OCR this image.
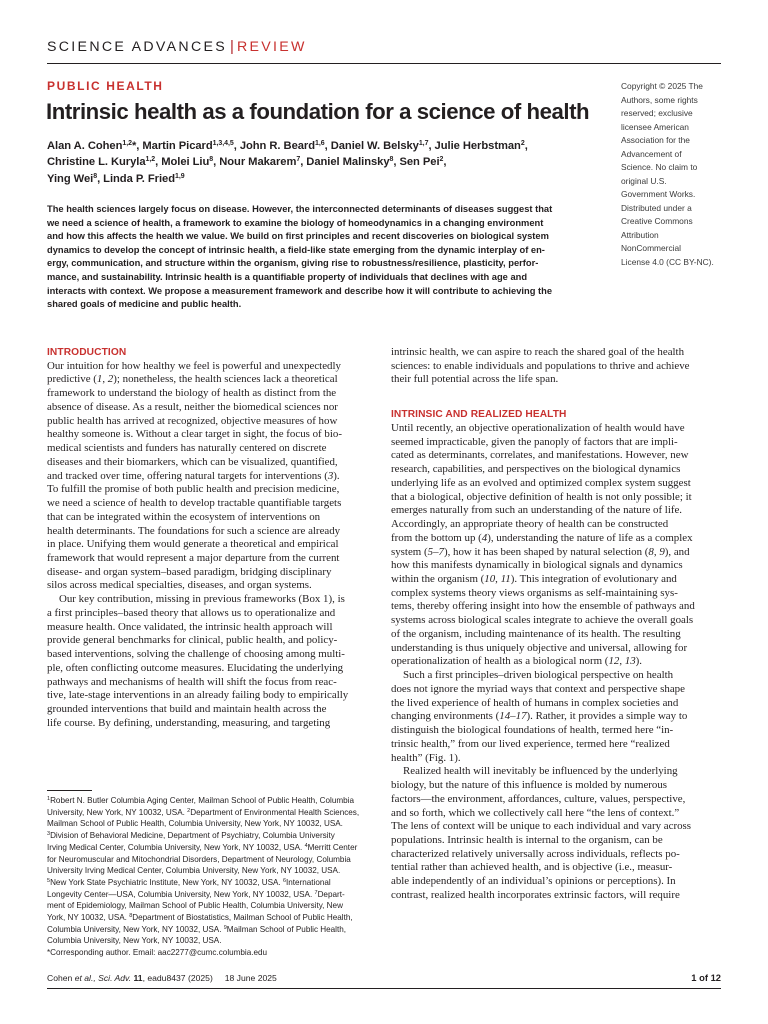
SCIENCE ADVANCES | REVIEW
PUBLIC HEALTH
Intrinsic health as a foundation for a science of health
Alan A. Cohen$^{1,2}$*, Martin Picard$^{1,3,4,5}$, John R. Beard$^{1,6}$, Daniel W. Belsky$^{1,7}$, Julie Herbstman$^2$,
Christine L. Kuryla$^{1,2}$, Molei Liu$^8$, Nour Makarem$^7$, Daniel Malinsky$^8$, Sen Pei$^2$,
Ying Wei$^8$, Linda P. Fried$^{1,9}$
Copyright © 2025 The
Authors, some rights
reserved; exclusive
licensee American
Association for the
Advancement of
Science. No claim to
original U.S.
Government Works.
Distributed under a
Creative Commons
Attribution
NonCommercial
License 4.0 (CC BY-NC).
The health sciences largely focus on disease. However, the interconnected determinants of diseases suggest that
we need a science of health, a framework to examine the biology of homeodynamics in a changing environment
and how this affects the health we value. We build on first principles and recent discoveries on biological system
dynamics to develop the concept of intrinsic health, a field-like state emerging from the dynamic interplay of en-
ergy, communication, and structure within the organism, giving rise to robustness/resilience, plasticity, perfor-
mance, and sustainability. Intrinsic health is a quantifiable property of individuals that declines with age and
interacts with context. We propose a measurement framework and describe how it will contribute to achieving the
shared goals of medicine and public health.
INTRODUCTION
Our intuition for how healthy we feel is powerful and unexpectedly
predictive (1, 2); nonetheless, the health sciences lack a theoretical
framework to understand the biology of health as distinct from the
absence of disease. As a result, neither the biomedical sciences nor
public health has arrived at recognized, objective measures of how
healthy someone is. Without a clear target in sight, the focus of bio-
medical scientists and funders has naturally centered on discrete
diseases and their biomarkers, which can be visualized, quantified,
and tracked over time, offering natural targets for interventions (3).
To fulfill the promise of both public health and precision medicine,
we need a science of health to develop tractable quantifiable targets
that can be integrated within the ecosystem of interventions on
health determinants. The foundations for such a science are already
in place. Unifying them would generate a theoretical and empirical
framework that would represent a major departure from the current
disease- and organ system–based paradigm, bridging disciplinary
silos across medical specialties, diseases, and organ systems.
Our key contribution, missing in previous frameworks (Box 1), is
a first principles–based theory that allows us to operationalize and
measure health. Once validated, the intrinsic health approach will
provide general benchmarks for clinical, public health, and policy-
based interventions, solving the challenge of choosing among multi-
ple, often conflicting outcome measures. Elucidating the underlying
pathways and mechanisms of health will shift the focus from reac-
tive, late-stage interventions in an already failing body to empirically
grounded interventions that build and maintain health across the
life course. By defining, understanding, measuring, and targeting
intrinsic health, we can aspire to reach the shared goal of the health
sciences: to enable individuals and populations to thrive and achieve
their full potential across the life span.
INTRINSIC AND REALIZED HEALTH
Until recently, an objective operationalization of health would have
seemed impracticable, given the panoply of factors that are impli-
cated as determinants, correlates, and manifestations. However, new
research, capabilities, and perspectives on the biological dynamics
underlying life as an evolved and optimized complex system suggest
that a biological, objective definition of health is not only possible; it
emerges naturally from such an understanding of the nature of life.
Accordingly, an appropriate theory of health can be constructed
from the bottom up (4), understanding the nature of life as a complex
system (5–7), how it has been shaped by natural selection (8, 9), and
how this manifests dynamically in biological signals and dynamics
within the organism (10, 11). This integration of evolutionary and
complex systems theory views organisms as self-maintaining sys-
tems, thereby offering insight into how the ensemble of pathways and
systems across biological scales integrate to achieve the overall goals
of the organism, including maintenance of its health. The resulting
understanding is thus uniquely objective and universal, allowing for
operationalization of health as a biological norm (12, 13).
Such a first principles–driven biological perspective on health
does not ignore the myriad ways that context and perspective shape
the lived experience of health of humans in complex societies and
changing environments (14–17). Rather, it provides a simple way to
distinguish the biological foundations of health, termed here “in-
trinsic health,” from our lived experience, termed here “realized
health” (Fig. 1).
Realized health will inevitably be influenced by the underlying
biology, but the nature of this influence is molded by numerous
factors—the environment, affordances, culture, values, perspective,
and so forth, which we collectively call here “the lens of context.”
The lens of context will be unique to each individual and vary across
populations. Intrinsic health is internal to the organism, can be
characterized relatively universally across individuals, reflects po-
tential rather than achieved health, and is objective (i.e., measur-
able independently of an individual’s opinions or perceptions). In
contrast, realized health incorporates extrinsic factors, will require
$^1$Robert N. Butler Columbia Aging Center, Mailman School of Public Health, Columbia
University, New York, NY 10032, USA. $^2$Department of Environmental Health Sciences,
Mailman School of Public Health, Columbia University, New York, NY 10032, USA.
$^3$Division of Behavioral Medicine, Department of Psychiatry, Columbia University
Irving Medical Center, Columbia University, New York, NY 10032, USA. $^4$Merritt Center
for Neuromuscular and Mitochondrial Disorders, Department of Neurology, Columbia
University Irving Medical Center, Columbia University, New York, NY 10032, USA.
$^5$New York State Psychiatric Institute, New York, NY 10032, USA. $^6$International
Longevity Center—USA, Columbia University, New York, NY 10032, USA. $^7$Depart-
ment of Epidemiology, Mailman School of Public Health, Columbia University, New
York, NY 10032, USA. $^8$Department of Biostatistics, Mailman School of Public Health,
Columbia University, New York, NY 10032, USA. $^9$Mailman School of Public Health,
Columbia University, New York, NY 10032, USA.
*Corresponding author. Email: aac2277@cumc.columbia.edu
Cohen et al., Sci. Adv. 11, eadu8437 (2025)     18 June 2025	1 of 12
